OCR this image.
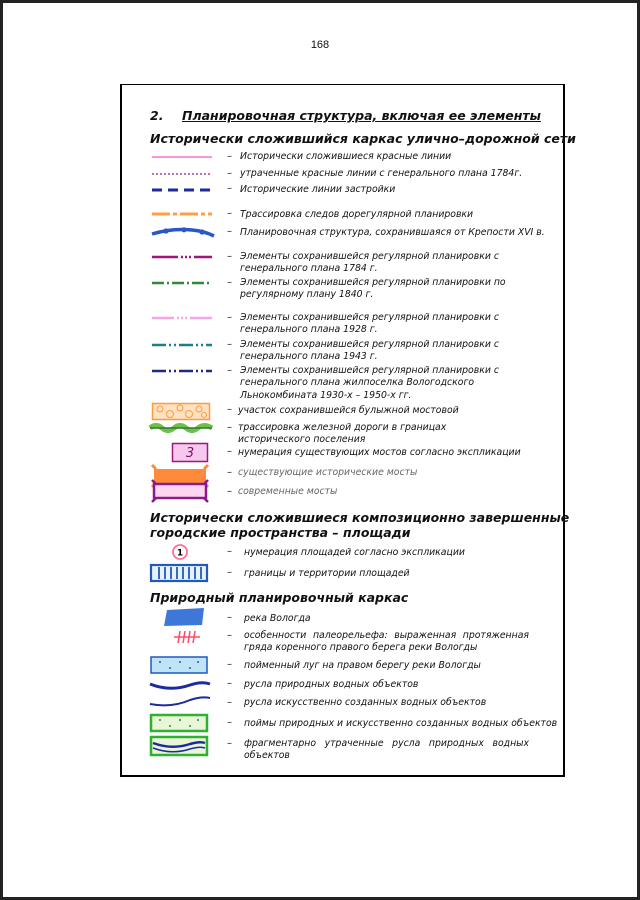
168
2. Планировочная структура, включая ее элементы
Исторически сложившийся каркас улично–дорожной сети
– Исторически сложившиеся красные линии
– утраченные красные линии с генерального плана 1784г.
– Исторические линии застройки
– Трассировка следов дорегулярной планировки
– Планировочная структура, сохранившаяся от Крепости XVI в.
– Элементы сохранившейся регулярной планировки с генерального плана 1784 г.
– Элементы сохранившейся регулярной планировки по регулярному плану 1840 г.
– Элементы сохранившейся регулярной планировки с генерального плана 1928 г.
– Элементы сохранившейся регулярной планировки с генерального плана 1943 г.
– Элементы сохранившейся регулярной планировки с генерального плана жилпоселка Вологодского Льнокомбината 1930-х – 1950-х гг.
– участок сохранившейся булыжной мостовой
– трассировка железной дороги в границах исторического поселения
3	– нумерация существующих мостов согласно экспликации
– существующие исторические мосты
– современные мосты
Исторически сложившиеся композиционно завершенные
городские пространства – площади
1	– нумерация площадей согласно экспликации
– границы и территории площадей
Природный планировочный каркас
– река Вологда
– особенности палеорельефа: выраженная протяженная гряда коренного правого берега реки Вологды
– пойменный луг на правом берегу реки Вологды
– русла природных водных объектов
– русла искусственно созданных водных объектов
– поймы природных и искусственно созданных водных объектов
– фрагментарно утраченные русла природных водных объектов
